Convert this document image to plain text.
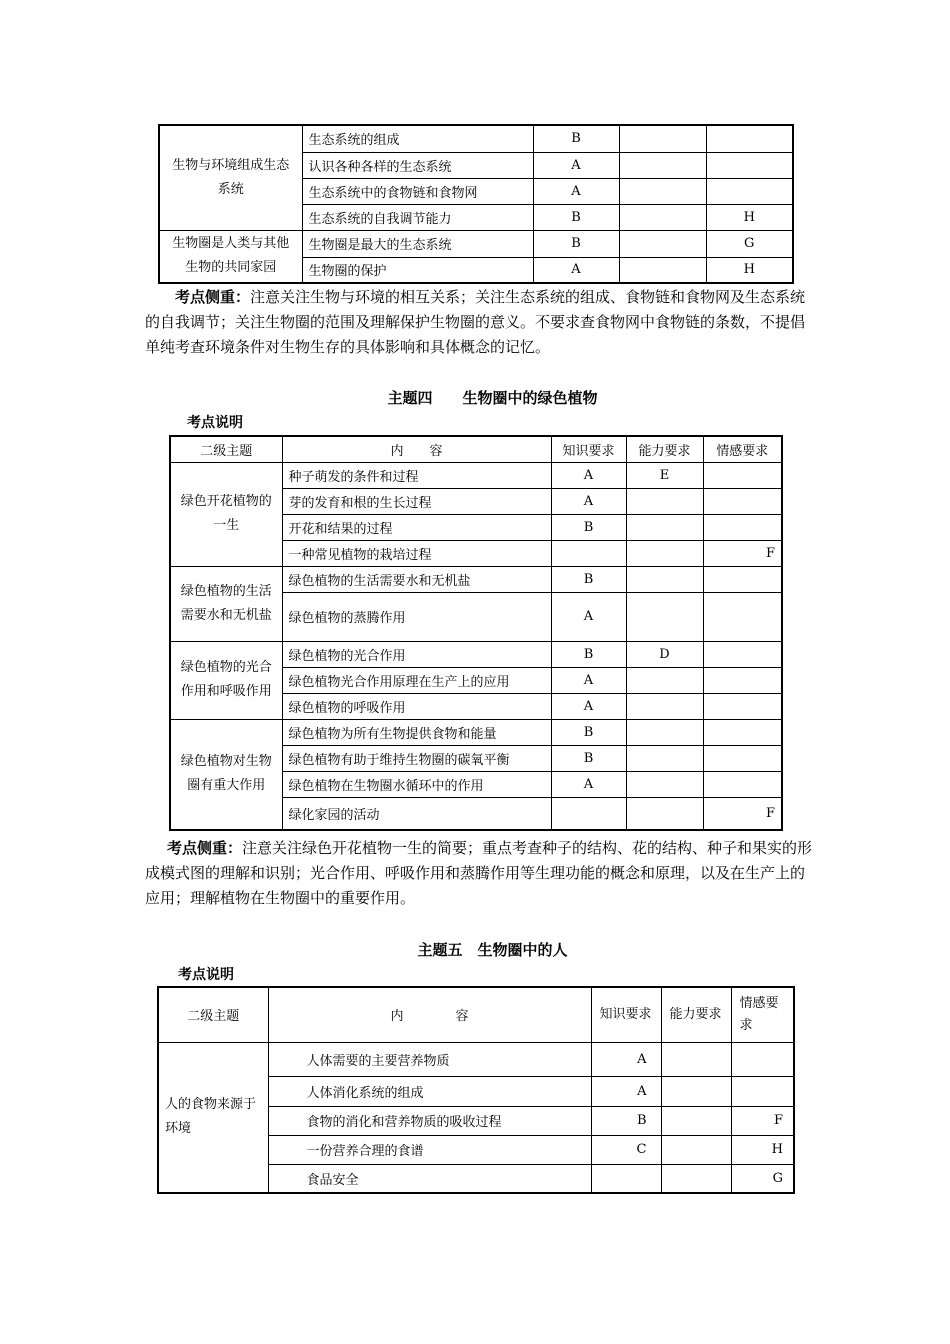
生物与环境组成生态系统	生态系统的组成	B		
	认识各种各样的生态系统	A		
	生态系统中的食物链和食物网	A		
	生态系统的自我调节能力	B		H
生物圈是人类与其他生物的共同家园	生物圈是最大的生态系统	B		G
	生物圈的保护	A		H

考点侧重：注意关注生物与环境的相互关系；关注生态系统的组成、食物链和食物网及生态系统的自我调节；关注生物圈的范围及理解保护生物圈的意义。不要求查食物网中食物链的条数，不提倡单纯考查环境条件对生物生存的具体影响和具体概念的记忆。

主题四　　生物圈中的绿色植物
考点说明
二级主题	内　　容	知识要求	能力要求	情感要求
绿色开花植物的一生	种子萌发的条件和过程	A	E	
	芽的发育和根的生长过程	A		
	开花和结果的过程	B		
	一种常见植物的栽培过程			F
绿色植物的生活需要水和无机盐	绿色植物的生活需要水和无机盐	B		
	绿色植物的蒸腾作用	A		
绿色植物的光合作用和呼吸作用	绿色植物的光合作用	B	D	
	绿色植物光合作用原理在生产上的应用	A		
	绿色植物的呼吸作用	A		
绿色植物对生物圈有重大作用	绿色植物为所有生物提供食物和能量	B		
	绿色植物有助于维持生物圈的碳氧平衡	B		
	绿色植物在生物圈水循环中的作用	A		
	绿化家园的活动			F

考点侧重：注意关注绿色开花植物一生的简要；重点考查种子的结构、花的结构、种子和果实的形成模式图的理解和识别；光合作用、呼吸作用和蒸腾作用等生理功能的概念和原理，以及在生产上的应用；理解植物在生物圈中的重要作用。

主题五　生物圈中的人
考点说明
二级主题	内　　　　容	知识要求	能力要求	情感要求
人的食物来源于环境	人体需要的主要营养物质	A		
	人体消化系统的组成	A		
	食物的消化和营养物质的吸收过程	B		F
	一份营养合理的食谱	C		H
	食品安全			G
